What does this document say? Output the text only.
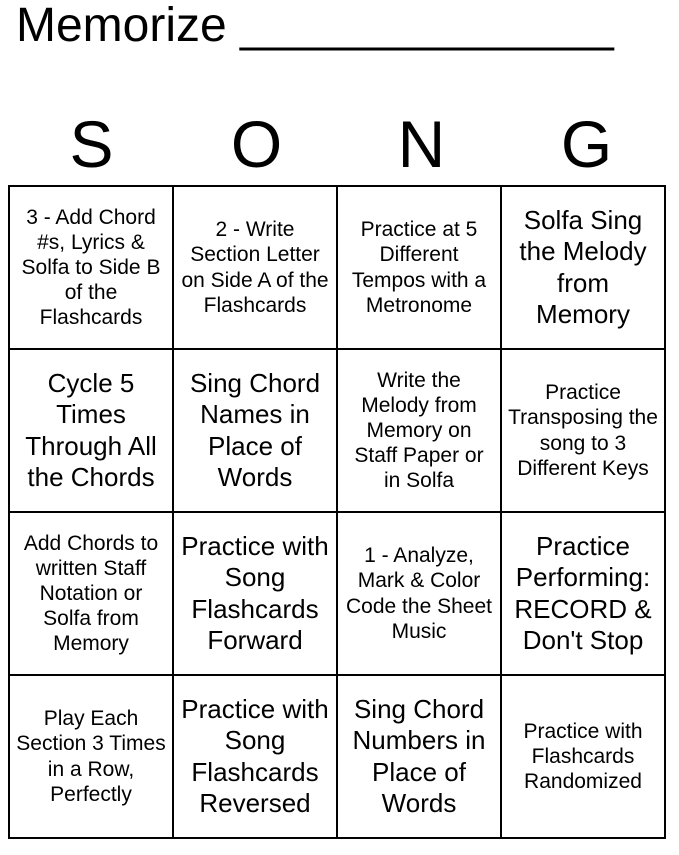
Memorize ______________
S	O	N	G
3 - Add Chord #s, Lyrics & Solfa to Side B of the Flashcards	2 - Write Section Letter on Side A of the Flashcards	Practice at 5 Different Tempos with a Metronome	Solfa Sing the Melody from Memory

Cycle 5 Times Through All the Chords	Sing Chord Names in Place of Words	Write the Melody from Memory on Staff Paper or in Solfa	Practice Transposing the song to 3 Different Keys

Add Chords to written Staff Notation or Solfa from Memory	Practice with Song Flashcards Forward	1 - Analyze, Mark & Color Code the Sheet Music	Practice Performing: RECORD & Don't Stop

Play Each Section 3 Times in a Row, Perfectly	Practice with Song Flashcards Reversed	Sing Chord Numbers in Place of Words	Practice with Flashcards Randomized
